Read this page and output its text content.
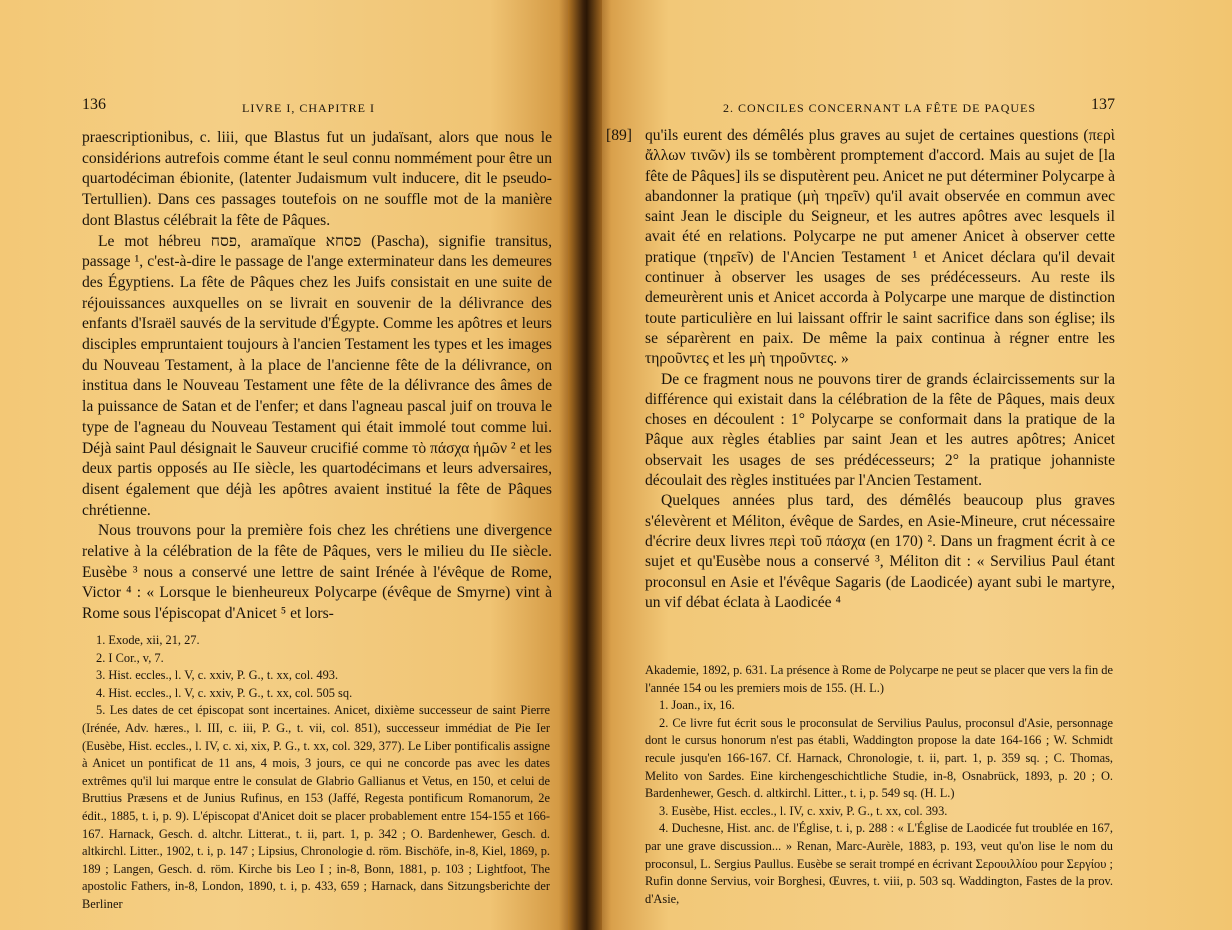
136	LIVRE I, CHAPITRE I

praescriptionibus, c. liii, que Blastus fut un judaïsant, alors que nous le considérions autrefois comme étant le seul connu nommément pour être un quartodéciman ébionite, (latenter Judaismum vult inducere, dit le pseudo-Tertullien). Dans ces passages toutefois on ne souffle mot de la manière dont Blastus célébrait la fête de Pâques.

Le mot hébreu פסח, aramaïque פסחא (Pascha), signifie transitus, passage ¹, c'est-à-dire le passage de l'ange exterminateur dans les demeures des Égyptiens. La fête de Pâques chez les Juifs consistait en une suite de réjouissances auxquelles on se livrait en souvenir de la délivrance des enfants d'Israël sauvés de la servitude d'Égypte. Comme les apôtres et leurs disciples empruntaient toujours à l'ancien Testament les types et les images du Nouveau Testament, à la place de l'ancienne fête de la délivrance, on institua dans le Nouveau Testament une fête de la délivrance des âmes de la puissance de Satan et de l'enfer; et dans l'agneau pascal juif on trouva le type de l'agneau du Nouveau Testament qui était immolé tout comme lui. Déjà saint Paul désignait le Sauveur crucifié comme τὸ πάσχα ἡμῶν ² et les deux partis opposés au IIe siècle, les quartodécimans et leurs adversaires, disent également que déjà les apôtres avaient institué la fête de Pâques chrétienne.

Nous trouvons pour la première fois chez les chrétiens une divergence relative à la célébration de la fête de Pâques, vers le milieu du IIe siècle. Eusèbe ³ nous a conservé une lettre de saint Irénée à l'évêque de Rome, Victor ⁴ : « Lorsque le bienheureux Polycarpe (évêque de Smyrne) vint à Rome sous l'épiscopat d'Anicet ⁵ et lors-

1. Exode, xii, 21, 27.

2. I Cor., v, 7.

3. Hist. eccles., l. V, c. xxiv, P. G., t. xx, col. 493.

4. Hist. eccles., l. V, c. xxiv, P. G., t. xx, col. 505 sq.

5. Les dates de cet épiscopat sont incertaines. Anicet, dixième successeur de saint Pierre (Irénée, Adv. hæres., l. III, c. iii, P. G., t. vii, col. 851), successeur immédiat de Pie Ier (Eusèbe, Hist. eccles., l. IV, c. xi, xix, P. G., t. xx, col. 329, 377). Le Liber pontificalis assigne à Anicet un pontificat de 11 ans, 4 mois, 3 jours, ce qui ne concorde pas avec les dates extrêmes qu'il lui marque entre le consulat de Glabrio Gallianus et Vetus, en 150, et celui de Bruttius Præsens et de Junius Rufinus, en 153 (Jaffé, Regesta pontificum Romanorum, 2e édit., 1885, t. i, p. 9). L'épiscopat d'Anicet doit se placer probablement entre 154-155 et 166-167. Harnack, Gesch. d. altchr. Litterat., t. ii, part. 1, p. 342 ; O. Bardenhewer, Gesch. d. altkirchl. Litter., 1902, t. i, p. 147 ; Lipsius, Chronologie d. röm. Bischöfe, in-8, Kiel, 1869, p. 189 ; Langen, Gesch. d. röm. Kirche bis Leo I ; in-8, Bonn, 1881, p. 103 ; Lightfoot, The apostolic Fathers, in-8, London, 1890, t. i, p. 433, 659 ; Harnack, dans Sitzungsberichte der Berliner

2. CONCILES CONCERNANT LA FÊTE DE PAQUES	137
[89] qu'ils eurent des démêlés plus graves au sujet de certaines questions (περὶ ἄλλων τινῶν) ils se tombèrent promptement d'accord. Mais au sujet de [la fête de Pâques] ils se disputèrent peu. Anicet ne put déterminer Polycarpe à abandonner la pratique (μὴ τηρεῖν) qu'il avait observée en commun avec saint Jean le disciple du Seigneur, et les autres apôtres avec lesquels il avait été en relations. Polycarpe ne put amener Anicet à observer cette pratique (τηρεῖν) de l'Ancien Testament ¹ et Anicet déclara qu'il devait continuer à observer les usages de ses prédécesseurs. Au reste ils demeurèrent unis et Anicet accorda à Polycarpe une marque de distinction toute particulière en lui laissant offrir le saint sacrifice dans son église; ils se séparèrent en paix. De même la paix continua à régner entre les τηροῦντες et les μὴ τηροῦντες. »

De ce fragment nous ne pouvons tirer de grands éclaircissements sur la différence qui existait dans la célébration de la fête de Pâques, mais deux choses en découlent : 1° Polycarpe se conformait dans la pratique de la Pâque aux règles établies par saint Jean et les autres apôtres; Anicet observait les usages de ses prédécesseurs; 2° la pratique johanniste découlait des règles instituées par l'Ancien Testament.

Quelques années plus tard, des démêlés beaucoup plus graves s'élevèrent et Méliton, évêque de Sardes, en Asie-Mineure, crut nécessaire d'écrire deux livres περὶ τοῦ πάσχα (en 170) ². Dans un fragment écrit à ce sujet et qu'Eusèbe nous a conservé ³, Méliton dit : « Servilius Paul étant proconsul en Asie et l'évêque Sagaris (de Laodicée) ayant subi le martyre, un vif débat éclata à Laodicée ⁴

Akademie, 1892, p. 631. La présence à Rome de Polycarpe ne peut se placer que vers la fin de l'année 154 ou les premiers mois de 155. (H. L.)

1. Joan., ix, 16.

2. Ce livre fut écrit sous le proconsulat de Servilius Paulus, proconsul d'Asie, personnage dont le cursus honorum n'est pas établi, Waddington propose la date 164-166 ; W. Schmidt recule jusqu'en 166-167. Cf. Harnack, Chronologie, t. ii, part. 1, p. 359 sq. ; C. Thomas, Melito von Sardes. Eine kirchengeschichtliche Studie, in-8, Osnabrück, 1893, p. 20 ; O. Bardenhewer, Gesch. d. altkirchl. Litter., t. i, p. 549 sq. (H. L.)

3. Eusèbe, Hist. eccles., l. IV, c. xxiv, P. G., t. xx, col. 393.

4. Duchesne, Hist. anc. de l'Église, t. i, p. 288 : « L'Église de Laodicée fut troublée en 167, par une grave discussion... » Renan, Marc-Aurèle, 1883, p. 193, veut qu'on lise le nom du proconsul, L. Sergius Paullus. Eusèbe se serait trompé en écrivant Σερουιλλίου pour Σεργίου ; Rufin donne Servius, voir Borghesi, Œuvres, t. viii, p. 503 sq. Waddington, Fastes de la prov. d'Asie,
